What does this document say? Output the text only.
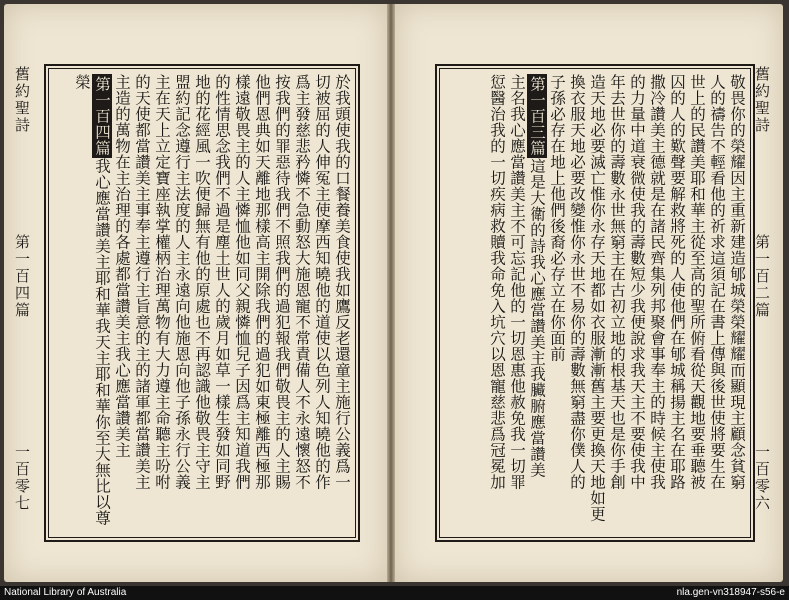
舊約聖詩
第一百四篇
一百零七	於我頭使我的口餐養美食使我如鷹反老還童主施行公義爲一
切被屈的人伸冤主使摩西知曉他的道使以色列人知曉他的作
爲主發慈悲矜憐不急動怒大施恩寵不常責備人不永遠懷怒不
按我們的罪惡待我們不照我們的過犯報我們敬畏主的人主賜
他們恩典如天離地那樣高主開除我們的過犯如東極離西極那
樣遠敬畏主的人主憐恤他如同父親憐恤兒子因爲主知道我們
的性情思念我們不過是塵土世人的歲月如草一樣生發如同野
地的花經風一吹便歸無有他的原處也不再認識他敬畏主守主
盟約記念遵行主法度的人主永遠向他施恩向他子孫永行公義
主在天上立定寶座執掌權柄治理萬物有大力遵主命聽主吩咐
的天使都當讚美主事奉主遵行主旨意的主的諸軍都當讚美主
主造的萬物在主治理的各處都當讚美主我心應當讚美主
第一百四篇我心應當讚美主耶和華我天主耶和華你至大無比以尊榮	舊約聖詩
第一百二篇
一百零六
敬畏你的榮耀因主重新建造郇城榮榮耀耀而顯現主顧念貧窮
人的禱告不輕看他的祈求這須記在書上傳與後世使將要生在
世上的民讚美耶和華主從至高的聖所俯看從天觀地要垂聽被
囚的人的歎聲要解救將死的人使他們在郇城稱揚主名在耶路
撒冷讚美主德就是在諸民齊集列邦聚會事奉主的時候主使我
的力量中道衰微使我的壽數短少我便說求我天主不要使我中
年去世你的壽數永世無窮主在古初立地的根基天也是你手創
造天地必要滅亡惟你永存天地都如衣服漸漸舊主要更換天地如更
換衣服天地必要改變惟你永世不易你的壽數無窮盡你僕人的
子孫必存在地上他們後裔必存立在你面前
第一百三篇這是大衛的詩我心應當讚美主我臟腑應當讚美
主名我心應當讚美主不可忘記他的一切恩惠他赦免我一切罪
愆醫治我的一切疾病救贖我命免入坑穴以恩寵慈悲爲冠冕加
National Library of Australia	nla.gen-vn318947-s56-e
